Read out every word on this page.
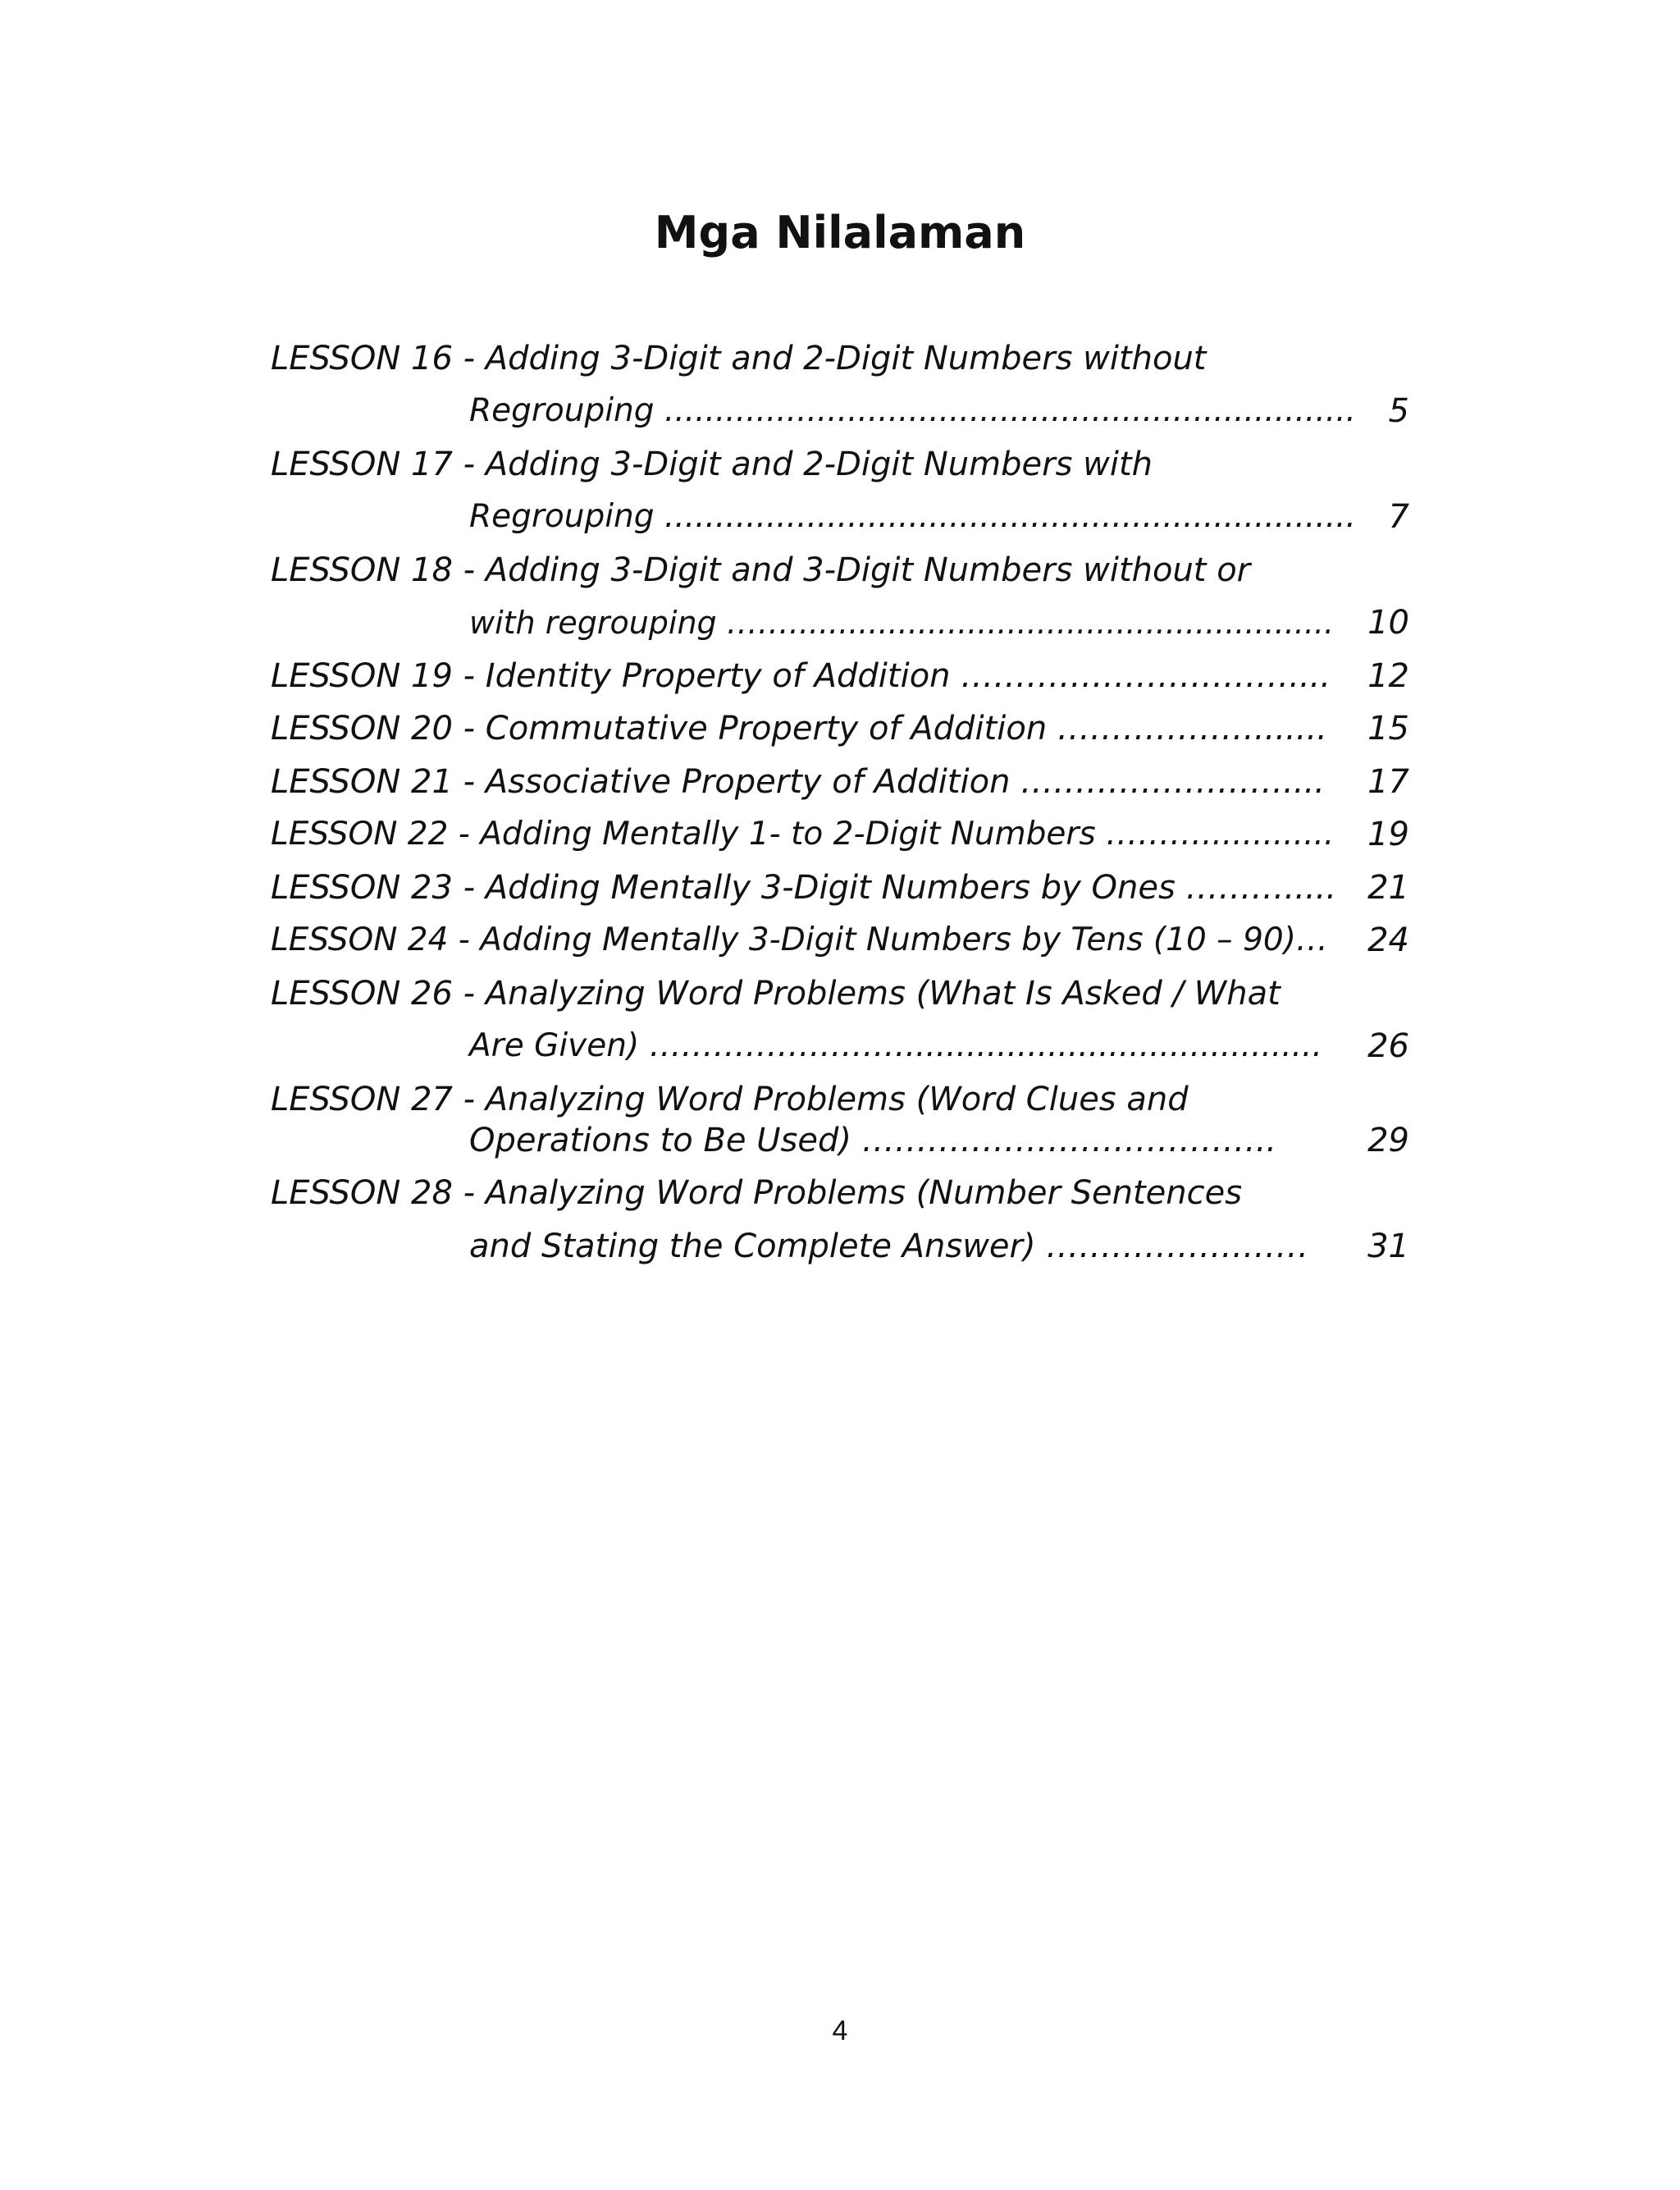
Mga Nilalaman
LESSON 16 - Adding 3-Digit and 2-Digit Numbers without
Regrouping .................................................................... 5
LESSON 17 - Adding 3-Digit and 2-Digit Numbers with
Regrouping .................................................................... 7
LESSON 18 - Adding 3-Digit and 3-Digit Numbers without or
with regrouping ……....................................................... 10
LESSON 19 - Identity Property of Addition ………………………….... 12
LESSON 20 - Commutative Property of Addition ………………....... 15
LESSON 21 - Associative Property of Addition …………………….... 17
LESSON 22 - Adding Mentally 1- to 2-Digit Numbers ………............. 19
LESSON 23 - Adding Mentally 3-Digit Numbers by Ones ………..... 21
LESSON 24 - Adding Mentally 3-Digit Numbers by Tens (10 – 90)… 24
LESSON 26 - Analyzing Word Problems (What Is Asked / What
Are Given) ……………………......................................... 26
LESSON 27 - Analyzing Word Problems (Word Clues and
Operations to Be Used) ………………………………..	29
LESSON 28 - Analyzing Word Problems (Number Sentences
and Stating the Complete Answer) …………………… 31
4
